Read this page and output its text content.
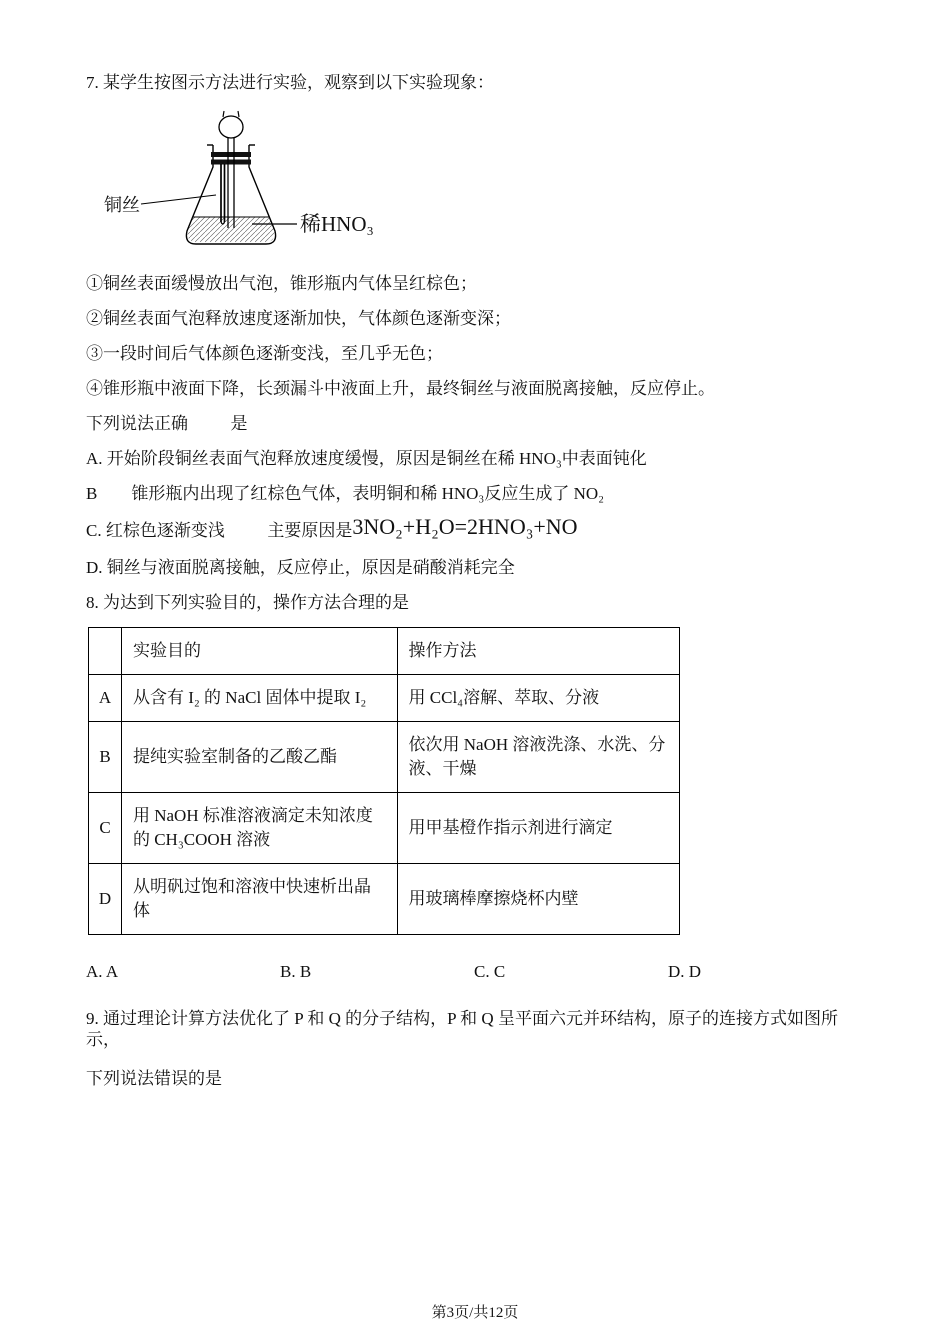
7. 某学生按图示方法进行实验，观察到以下实验现象：

铜丝
稀HNO₃

①铜丝表面缓慢放出气泡，锥形瓶内气体呈红棕色；

②铜丝表面气泡释放速度逐渐加快，气体颜色逐渐变深；

③一段时间后气体颜色逐渐变浅，至几乎无色；

④锥形瓶中液面下降，长颈漏斗中液面上升，最终铜丝与液面脱离接触，反应停止。

下列说法正确          是

A. 开始阶段铜丝表面气泡释放速度缓慢，原因是铜丝在稀 HNO₃中表面钝化

B        锥形瓶内出现了红棕色气体，表明铜和稀 HNO₃反应生成了 NO₂

C. 红棕色逐渐变浅          主要原因是3NO₂+H₂O=2HNO₃+NO

D. 铜丝与液面脱离接触，反应停止，原因是硝酸消耗完全

8. 为达到下列实验目的，操作方法合理的是

	实验目的	操作方法
A	从含有 I₂ 的 NaCl 固体中提取 I₂	用 CCl₄溶解、萃取、分液
B	提纯实验室制备的乙酸乙酯	依次用 NaOH 溶液洗涤、水洗、分液、干燥
C	用 NaOH 标准溶液滴定未知浓度的 CH₃COOH 溶液	用甲基橙作指示剂进行滴定
D	从明矾过饱和溶液中快速析出晶体	用玻璃棒摩擦烧杯内壁
A. A	B. B	C. C	D. D

9. 通过理论计算方法优化了 P 和 Q 的分子结构，P 和 Q 呈平面六元并环结构，原子的连接方式如图所示，

下列说法错误的是

第3页/共12页
